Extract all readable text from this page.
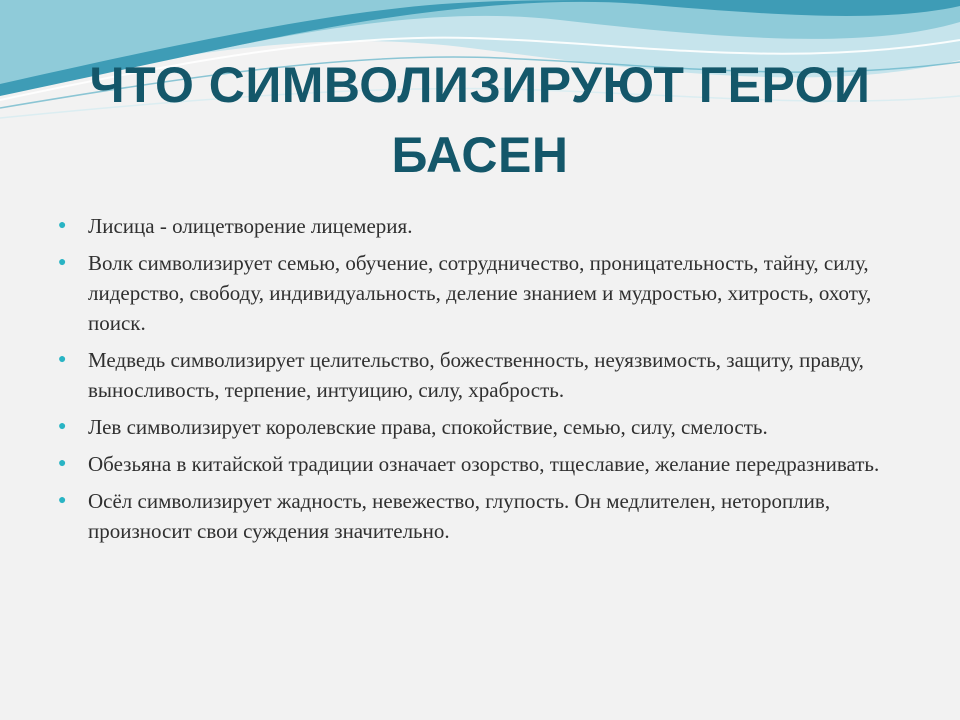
ЧТО СИМВОЛИЗИРУЮТ ГЕРОИ БАСЕН
● Лисица - олицетворение лицемерия.
● Волк символизирует семью, обучение, сотрудничество, проницательность, тайну, силу, лидерство, свободу, индивидуальность, деление знанием и мудростью, хитрость, охоту, поиск.
● Медведь символизирует целительство, божественность, неуязвимость, защиту, правду, выносливость, терпение, интуицию, силу, храбрость.
● Лев символизирует королевские права, спокойствие, семью, силу, смелость.
● Обезьяна в китайской традиции означает озорство, тщеславие, желание передразнивать.
● Осёл символизирует жадность, невежество, глупость. Он медлителен, нетороплив, произносит свои суждения значительно.
